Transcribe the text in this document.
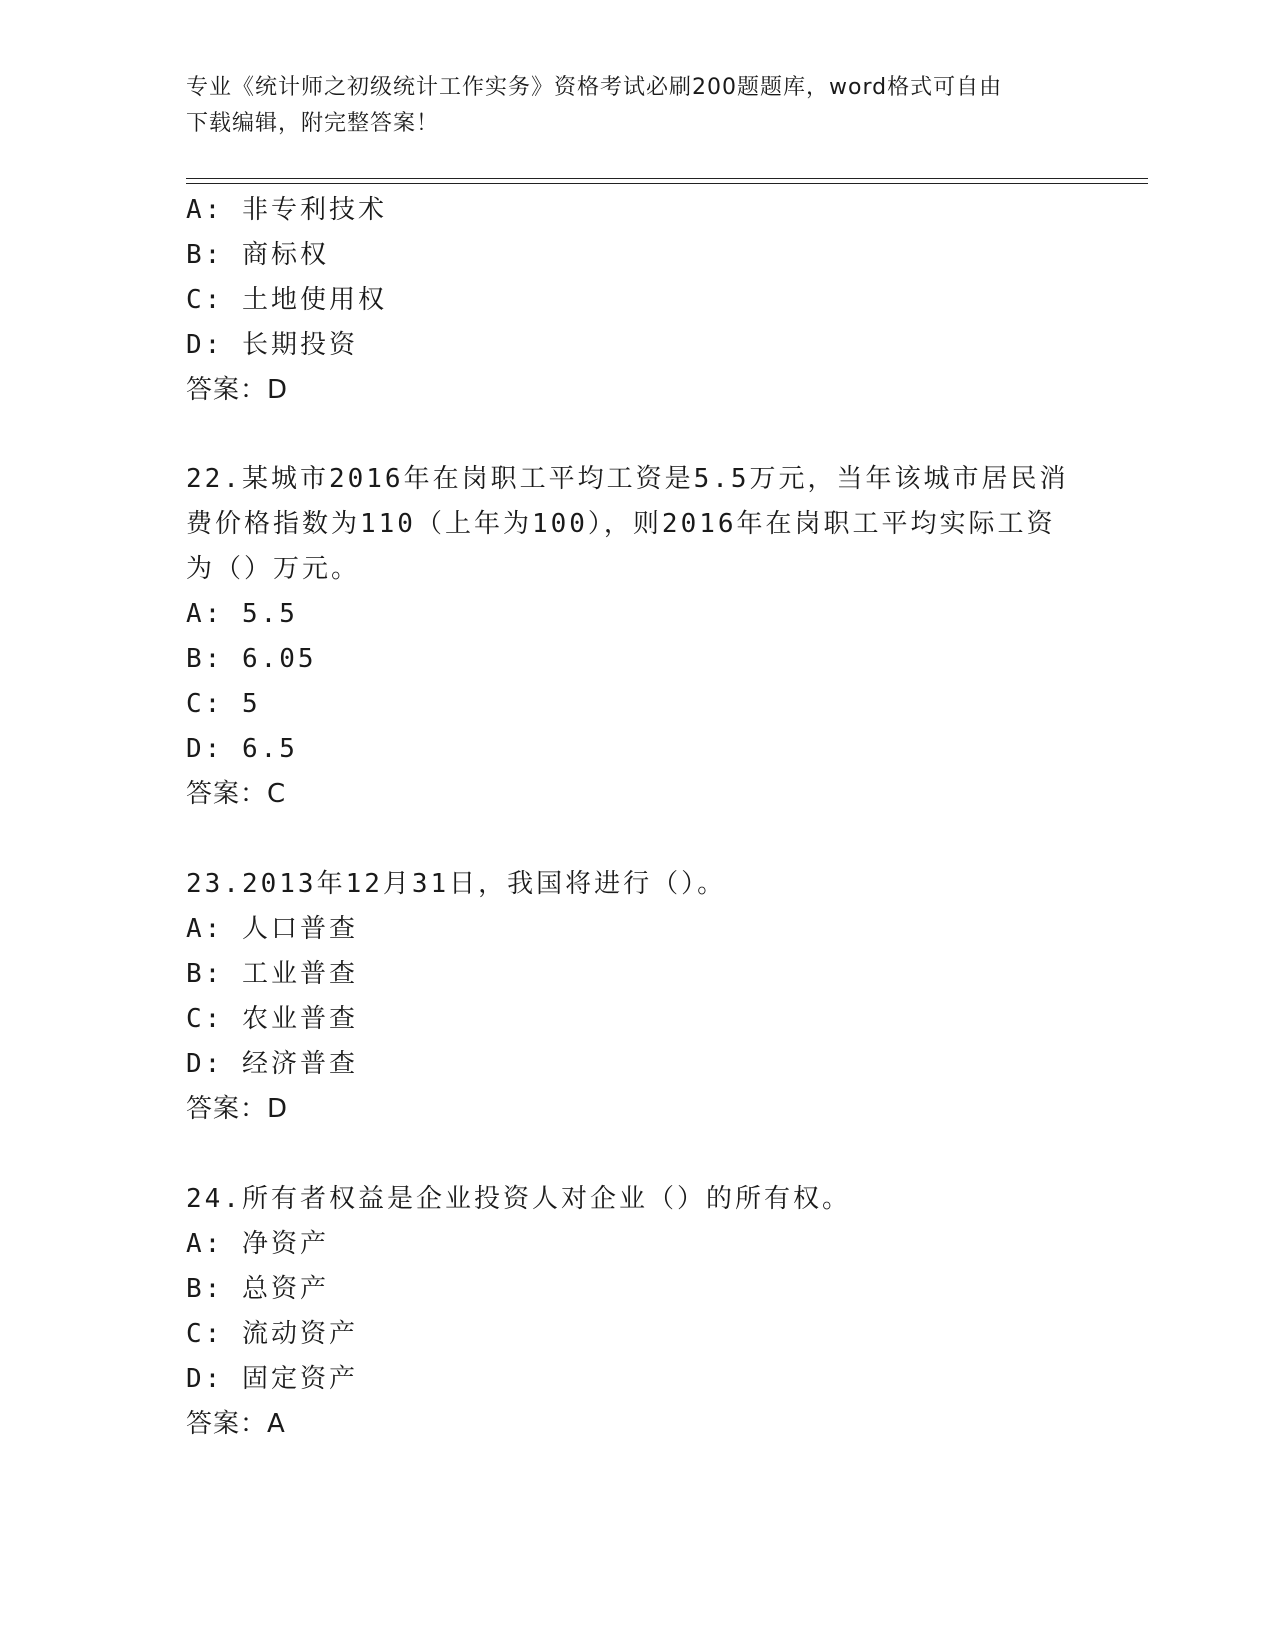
专业《统计师之初级统计工作实务》资格考试必刷200题题库，word格式可自由
下载编辑，附完整答案！
A: 非专利技术
B: 商标权
C: 土地使用权
D: 长期投资
答案：D
22.某城市2016年在岗职工平均工资是5.5万元，当年该城市居民消
费价格指数为110（上年为100），则2016年在岗职工平均实际工资
为（）万元。
A: 5.5
B: 6.05
C: 5
D: 6.5
答案：C
23.2013年12月31日，我国将进行（）。
A: 人口普查
B: 工业普查
C: 农业普查
D: 经济普查
答案：D
24.所有者权益是企业投资人对企业（）的所有权。
A: 净资产
B: 总资产
C: 流动资产
D: 固定资产
答案：A
